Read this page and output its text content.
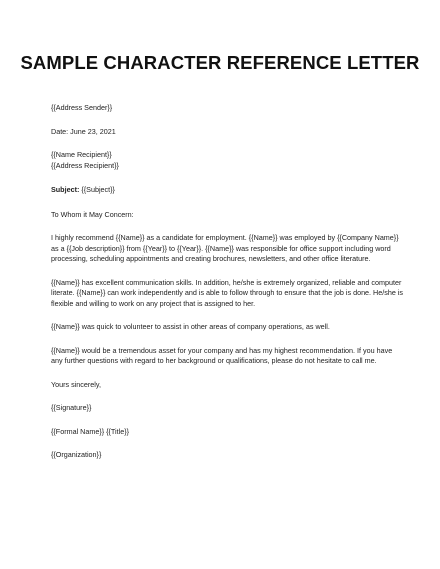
SAMPLE CHARACTER REFERENCE LETTER

{{Address Sender}}

Date: June 23, 2021

{{Name Recipient}}

{{Address Recipient}}

Subject: {{Subject}}

To Whom it May Concern:

I highly recommend {{Name}} as a candidate for employment. {{Name}} was employed by {{Company Name}} as a {{Job description}} from {{Year}} to {{Year}}. {{Name}} was responsible for office support including word processing, scheduling appointments and creating brochures, newsletters, and other office literature.

{{Name}} has excellent communication skills. In addition, he/she is extremely organized, reliable and computer literate. {{Name}} can work independently and is able to follow through to ensure that the job is done. He/she is flexible and willing to work on any project that is assigned to her.

{{Name}} was quick to volunteer to assist in other areas of company operations, as well.

{{Name}} would be a tremendous asset for your company and has my highest recommendation. If you have any further questions with regard to her background or qualifications, please do not hesitate to call me.

Yours sincerely,

{{Signature}}

{{Formal Name}} {{Title}}

{{Organization}}
